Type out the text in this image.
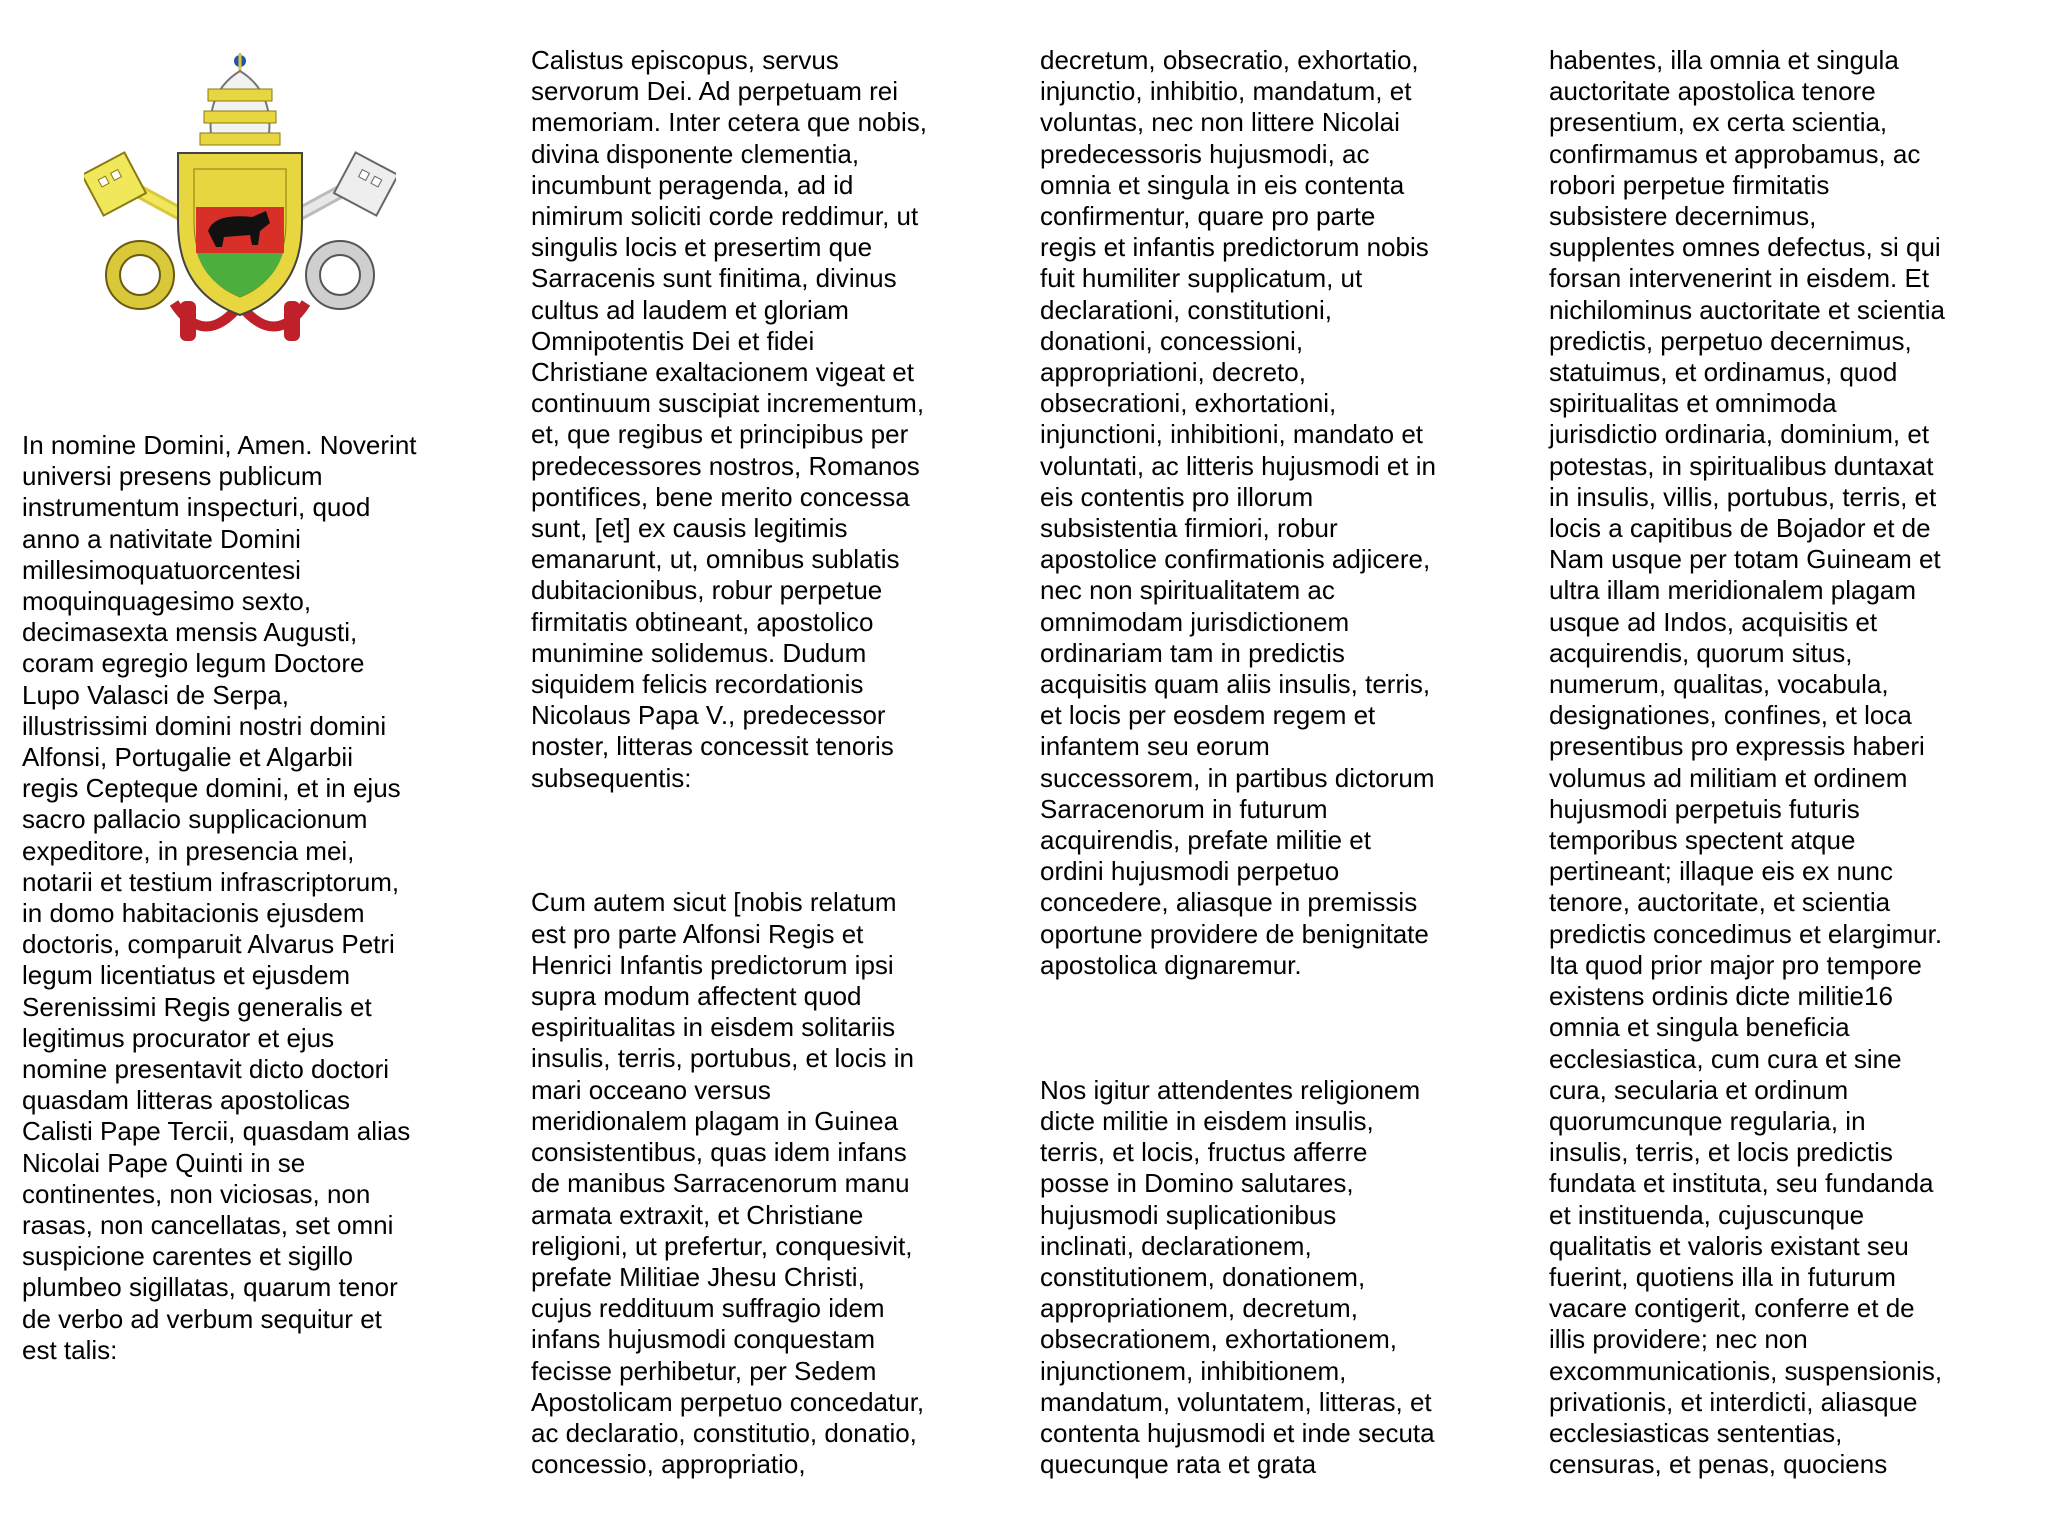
In nomine Domini, Amen. Noverint
universi presens publicum
instrumentum inspecturi, quod
anno a nativitate Domini
millesimoquatuorcentesi
moquinquagesimo sexto,
decimasexta mensis Augusti,
coram egregio legum Doctore
Lupo Valasci de Serpa,
illustrissimi domini nostri domini
Alfonsi, Portugalie et Algarbii
regis Cepteque domini, et in ejus
sacro pallacio supplicacionum
expeditore, in presencia mei,
notarii et testium infrascriptorum,
in domo habitacionis ejusdem
doctoris, comparuit Alvarus Petri
legum licentiatus et ejusdem
Serenissimi Regis generalis et
legitimus procurator et ejus
nomine presentavit dicto doctori
quasdam litteras apostolicas
Calisti Pape Tercii, quasdam alias
Nicolai Pape Quinti in se
continentes, non viciosas, non
rasas, non cancellatas, set omni
suspicione carentes et sigillo
plumbeo sigillatas, quarum tenor
de verbo ad verbum sequitur et
est talis:

Calistus episcopus, servus
servorum Dei. Ad perpetuam rei
memoriam. Inter cetera que nobis,
divina disponente clementia,
incumbunt peragenda, ad id
nimirum soliciti corde reddimur, ut
singulis locis et presertim que
Sarracenis sunt finitima, divinus
cultus ad laudem et gloriam
Omnipotentis Dei et fidei
Christiane exaltacionem vigeat et
continuum suscipiat incrementum,
et, que regibus et principibus per
predecessores nostros, Romanos
pontifices, bene merito concessa
sunt, [et] ex causis legitimis
emanarunt, ut, omnibus sublatis
dubitacionibus, robur perpetue
firmitatis obtineant, apostolico
munimine solidemus. Dudum
siquidem felicis recordationis
Nicolaus Papa V., predecessor
noster, litteras concessit tenoris
subsequentis:

Cum autem sicut [nobis relatum
est pro parte Alfonsi Regis et
Henrici Infantis predictorum ipsi
supra modum affectent quod
espiritualitas in eisdem solitariis
insulis, terris, portubus, et locis in
mari occeano versus
meridionalem plagam in Guinea
consistentibus, quas idem infans
de manibus Sarracenorum manu
armata extraxit, et Christiane
religioni, ut prefertur, conquesivit,
prefate Militiae Jhesu Christi,
cujus reddituum suffragio idem
infans hujusmodi conquestam
fecisse perhibetur, per Sedem
Apostolicam perpetuo concedatur,
ac declaratio, constitutio, donatio,
concessio, appropriatio,

decretum, obsecratio, exhortatio,
injunctio, inhibitio, mandatum, et
voluntas, nec non littere Nicolai
predecessoris hujusmodi, ac
omnia et singula in eis contenta
confirmentur, quare pro parte
regis et infantis predictorum nobis
fuit humiliter supplicatum, ut
declarationi, constitutioni,
donationi, concessioni,
appropriationi, decreto,
obsecrationi, exhortationi,
injunctioni, inhibitioni, mandato et
voluntati, ac litteris hujusmodi et in
eis contentis pro illorum
subsistentia firmiori, robur
apostolice confirmationis adjicere,
nec non spiritualitatem ac
omnimodam jurisdictionem
ordinariam tam in predictis
acquisitis quam aliis insulis, terris,
et locis per eosdem regem et
infantem seu eorum
successorem, in partibus dictorum
Sarracenorum in futurum
acquirendis, prefate militie et
ordini hujusmodi perpetuo
concedere, aliasque in premissis
oportune providere de benignitate
apostolica dignaremur.

Nos igitur attendentes religionem
dicte militie in eisdem insulis,
terris, et locis, fructus afferre
posse in Domino salutares,
hujusmodi suplicationibus
inclinati, declarationem,
constitutionem, donationem,
appropriationem, decretum,
obsecrationem, exhortationem,
injunctionem, inhibitionem,
mandatum, voluntatem, litteras, et
contenta hujusmodi et inde secuta
quecunque rata et grata

habentes, illa omnia et singula
auctoritate apostolica tenore
presentium, ex certa scientia,
confirmamus et approbamus, ac
robori perpetue firmitatis
subsistere decernimus,
supplentes omnes defectus, si qui
forsan intervenerint in eisdem. Et
nichilominus auctoritate et scientia
predictis, perpetuo decernimus,
statuimus, et ordinamus, quod
spiritualitas et omnimoda
jurisdictio ordinaria, dominium, et
potestas, in spiritualibus duntaxat
in insulis, villis, portubus, terris, et
locis a capitibus de Bojador et de
Nam usque per totam Guineam et
ultra illam meridionalem plagam
usque ad Indos, acquisitis et
acquirendis, quorum situs,
numerum, qualitas, vocabula,
designationes, confines, et loca
presentibus pro expressis haberi
volumus ad militiam et ordinem
hujusmodi perpetuis futuris
temporibus spectent atque
pertineant; illaque eis ex nunc
tenore, auctoritate, et scientia
predictis concedimus et elargimur.
Ita quod prior major pro tempore
existens ordinis dicte militie16
omnia et singula beneficia
ecclesiastica, cum cura et sine
cura, secularia et ordinum
quorumcunque regularia, in
insulis, terris, et locis predictis
fundata et instituta, seu fundanda
et instituenda, cujuscunque
qualitatis et valoris existant seu
fuerint, quotiens illa in futurum
vacare contigerit, conferre et de
illis providere; nec non
excommunicationis, suspensionis,
privationis, et interdicti, aliasque
ecclesiasticas sententias,
censuras, et penas, quociens
